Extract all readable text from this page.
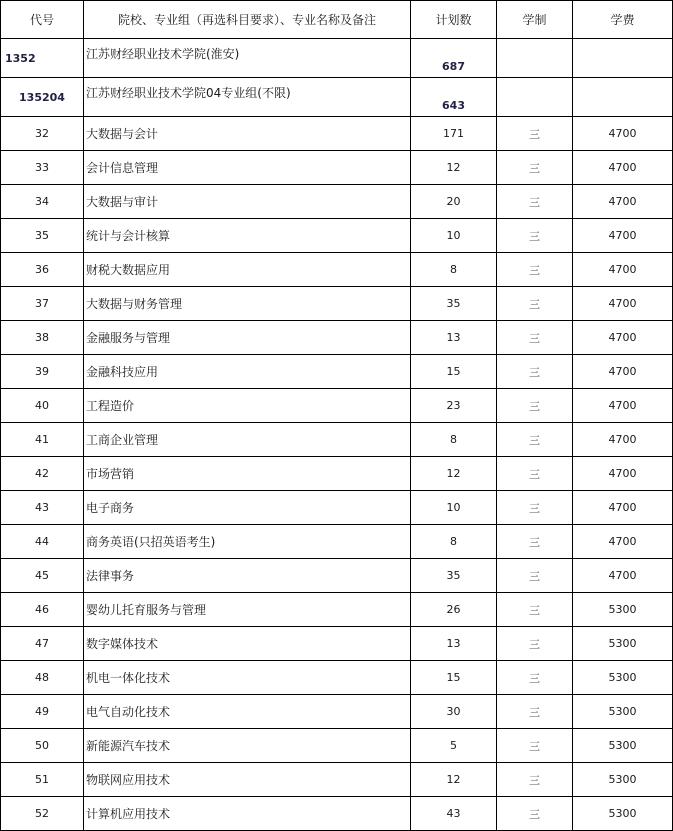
代号	院校、专业组（再选科目要求）、专业名称及备注	计划数	学制	学费
1352	江苏财经职业技术学院(淮安)	687		
135204	江苏财经职业技术学院04专业组(不限)	643		
32	大数据与会计	171	三	4700
33	会计信息管理	12	三	4700
34	大数据与审计	20	三	4700
35	统计与会计核算	10	三	4700
36	财税大数据应用	8	三	4700
37	大数据与财务管理	35	三	4700
38	金融服务与管理	13	三	4700
39	金融科技应用	15	三	4700
40	工程造价	23	三	4700
41	工商企业管理	8	三	4700
42	市场营销	12	三	4700
43	电子商务	10	三	4700
44	商务英语(只招英语考生)	8	三	4700
45	法律事务	35	三	4700
46	婴幼儿托育服务与管理	26	三	5300
47	数字媒体技术	13	三	5300
48	机电一体化技术	15	三	5300
49	电气自动化技术	30	三	5300
50	新能源汽车技术	5	三	5300
51	物联网应用技术	12	三	5300
52	计算机应用技术	43	三	5300
